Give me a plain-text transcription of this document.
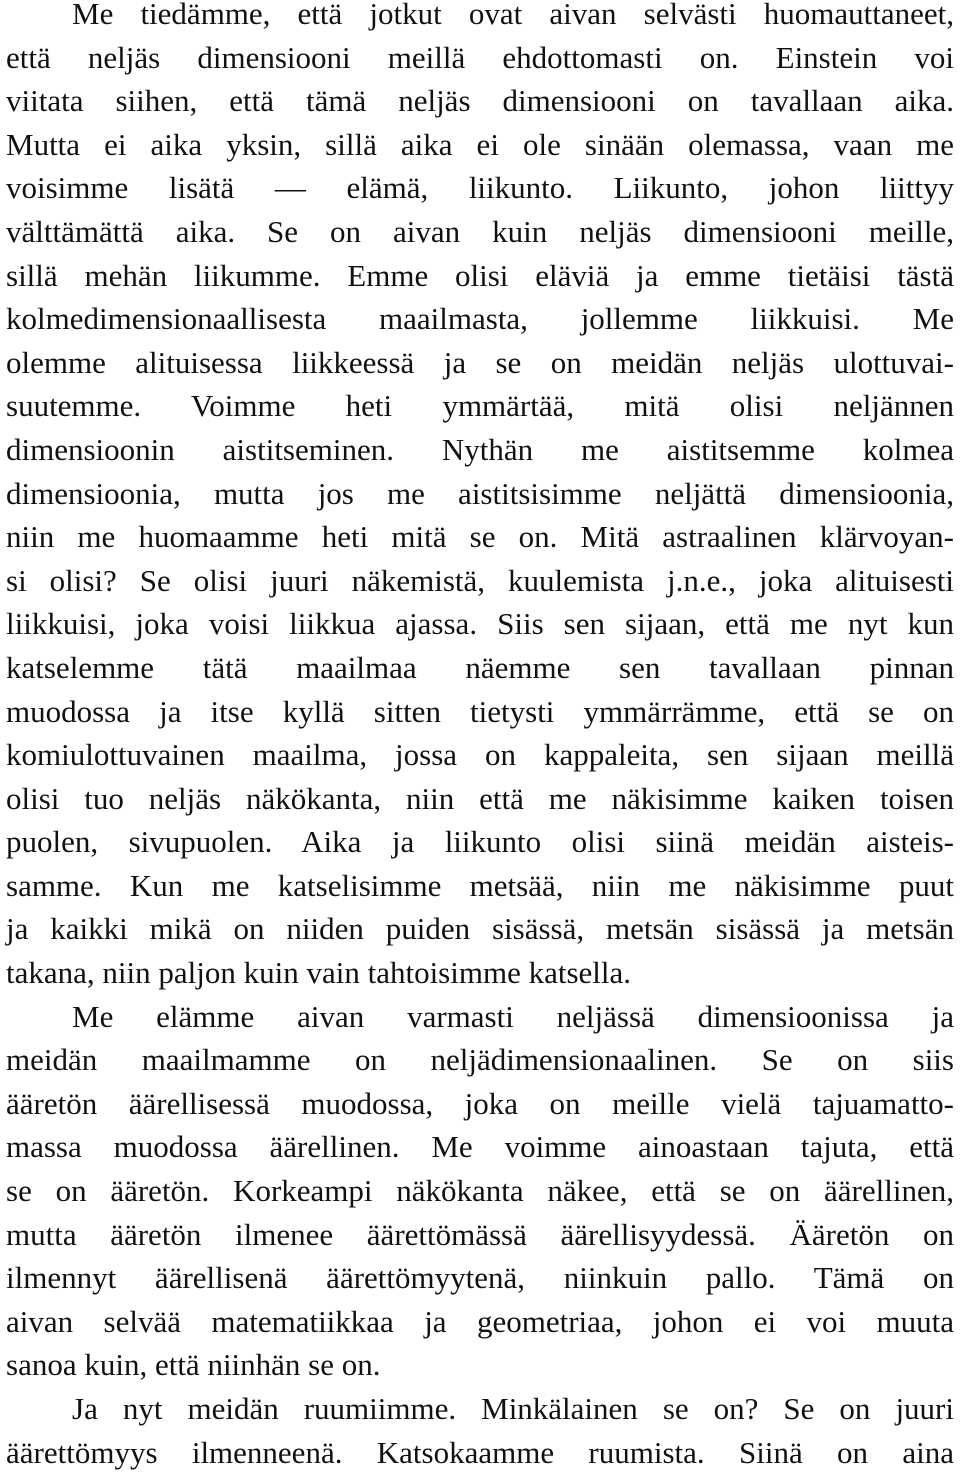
Me tiedämme, että jotkut ovat aivan selvästi huomauttaneet,
että neljäs dimensiooni meillä ehdottomasti on. Einstein voi
viitata siihen, että tämä neljäs dimensiooni on tavallaan aika.
Mutta ei aika yksin, sillä aika ei ole sinään olemassa, vaan me
voisimme lisätä — elämä, liikunto. Liikunto, johon liittyy
välttämättä aika. Se on aivan kuin neljäs dimensiooni meille,
sillä mehän liikumme. Emme olisi eläviä ja emme tietäisi tästä
kolmedimensionaallisesta maailmasta, jollemme liikkuisi. Me
olemme alituisessa liikkeessä ja se on meidän neljäs ulottuvai-
suutemme. Voimme heti ymmärtää, mitä olisi neljännen
dimensioonin aistitseminen. Nythän me aistitsemme kolmea
dimensioonia, mutta jos me aistitsisimme neljättä dimensioonia,
niin me huomaamme heti mitä se on. Mitä astraalinen klärvoyan-
si olisi? Se olisi juuri näkemistä, kuulemista j.n.e., joka alituisesti
liikkuisi, joka voisi liikkua ajassa. Siis sen sijaan, että me nyt kun
katselemme tätä maailmaa näemme sen tavallaan pinnan
muodossa ja itse kyllä sitten tietysti ymmärrämme, että se on
komiulottuvainen maailma, jossa on kappaleita, sen sijaan meillä
olisi tuo neljäs näkökanta, niin että me näkisimme kaiken toisen
puolen, sivupuolen. Aika ja liikunto olisi siinä meidän aisteis-
samme. Kun me katselisimme metsää, niin me näkisimme puut
ja kaikki mikä on niiden puiden sisässä, metsän sisässä ja metsän
takana, niin paljon kuin vain tahtoisimme katsella.
Me elämme aivan varmasti neljässä dimensioonissa ja
meidän maailmamme on neljädimensionaalinen. Se on siis
ääretön äärellisessä muodossa, joka on meille vielä tajuamatto-
massa muodossa äärellinen. Me voimme ainoastaan tajuta, että
se on ääretön. Korkeampi näkökanta näkee, että se on äärellinen,
mutta ääretön ilmenee äärettömässä äärellisyydessä. Ääretön on
ilmennyt äärellisenä äärettömyytenä, niinkuin pallo. Tämä on
aivan selvää matematiikkaa ja geometriaa, johon ei voi muuta
sanoa kuin, että niinhän se on.
Ja nyt meidän ruumiimme. Minkälainen se on? Se on juuri
äärettömyys ilmenneenä. Katsokaamme ruumista. Siinä on aina
